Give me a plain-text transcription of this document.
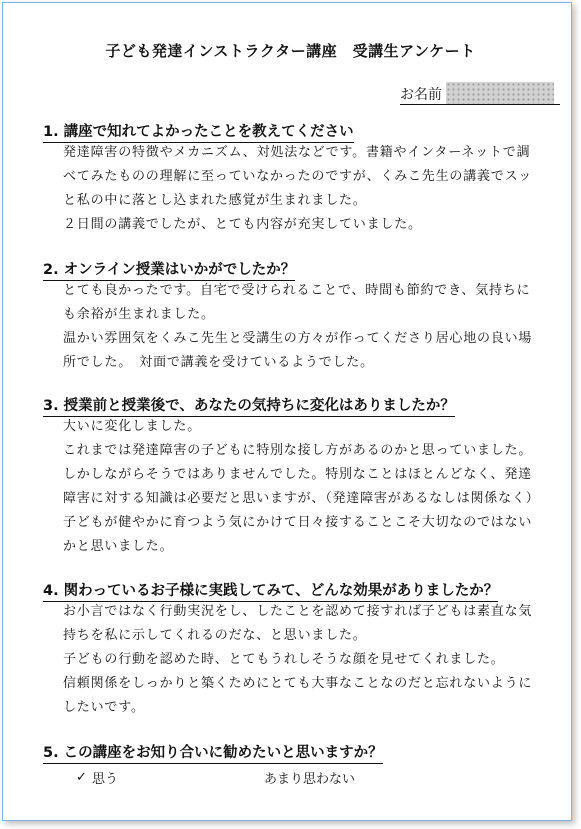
子ども発達インストラクター講座　受講生アンケート
お名前
1. 講座で知れてよかったことを教えてください

発達障害の特徴やメカニズム、対処法などです。書籍やインターネットで調べてみたものの理解に至っていなかったのですが、くみこ先生の講義でスッと私の中に落とし込まれた感覚が生まれました。

２日間の講義でしたが、とても内容が充実していました。

2. オンライン授業はいかがでしたか？

とても良かったです。自宅で受けられることで、時間も節約でき、気持ちにも余裕が生まれました。

温かい雰囲気をくみこ先生と受講生の方々が作ってくださり居心地の良い場所でした。　対面で講義を受けているようでした。

3. 授業前と授業後で、あなたの気持ちに変化はありましたか？

大いに変化しました。

これまでは発達障害の子どもに特別な接し方があるのかと思っていました。しかしながらそうではありませんでした。特別なことはほとんどなく、発達障害に対する知識は必要だと思いますが、（発達障害があるなしは関係なく）子どもが健やかに育つよう気にかけて日々接することこそ大切なのではないかと思いました。

4. 関わっているお子様に実践してみて、どんな効果がありましたか？

お小言ではなく行動実況をし、したことを認めて接すれば子どもは素直な気持ちを私に示してくれるのだな、と思いました。

子どもの行動を認めた時、とてもうれしそうな顔を見せてくれました。

信頼関係をしっかりと築くためにとても大事なことなのだと忘れないようにしたいです。

5. この講座をお知り合いに勧めたいと思いますか？
✓ 思う	あまり思わない
